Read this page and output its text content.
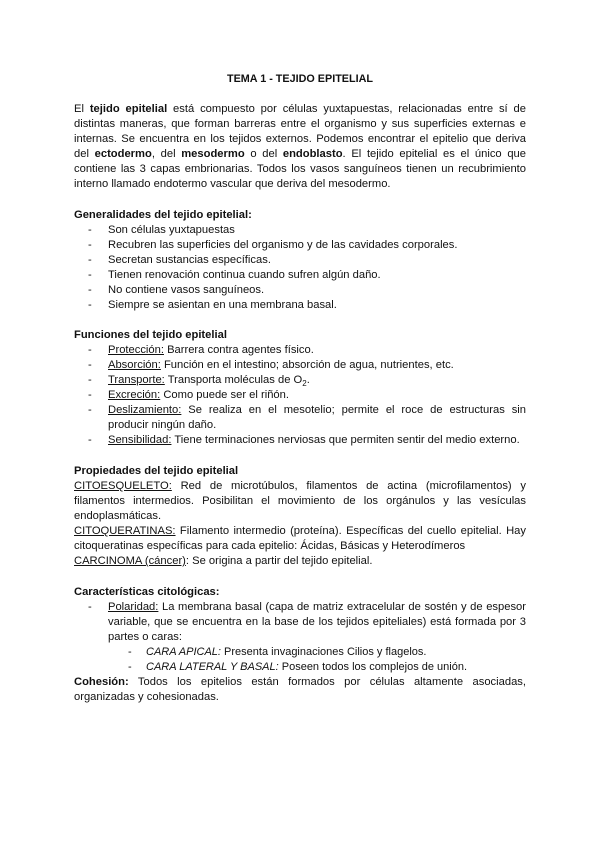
TEMA 1 - TEJIDO EPITELIAL
El tejido epitelial está compuesto por células yuxtapuestas, relacionadas entre sí de distintas maneras, que forman barreras entre el organismo y sus superficies externas e internas. Se encuentra en los tejidos externos. Podemos encontrar el epitelio que deriva del ectodermo, del mesodermo o del endoblasto. El tejido epitelial es el único que contiene las 3 capas embrionarias. Todos los vasos sanguíneos tienen un recubrimiento interno llamado endotermo vascular que deriva del mesodermo.
Generalidades del tejido epitelial:
- Son células yuxtapuestas
- Recubren las superficies del organismo y de las cavidades corporales.
- Secretan sustancias específicas.
- Tienen renovación continua cuando sufren algún daño.
- No contiene vasos sanguíneos.
- Siempre se asientan en una membrana basal.
Funciones del tejido epitelial
- Protección: Barrera contra agentes físico.
- Absorción: Función en el intestino; absorción de agua, nutrientes, etc.
- Transporte: Transporta moléculas de $O_2$.
- Excreción: Como puede ser el riñón.
- Deslizamiento: Se realiza en el mesotelio; permite el roce de estructuras sin producir ningún daño.
- Sensibilidad: Tiene terminaciones nerviosas que permiten sentir del medio externo.
Propiedades del tejido epitelial
CITOESQUELETO: Red de microtúbulos, filamentos de actina (microfilamentos) y filamentos intermedios. Posibilitan el movimiento de los orgánulos y las vesículas endoplasmáticas.
CITOQUERATINAS: Filamento intermedio (proteína). Específicas del cuello epitelial. Hay citoqueratinas específicas para cada epitelio: Ácidas, Básicas y Heterodímeros
CARCINOMA (cáncer): Se origina a partir del tejido epitelial.
Características citológicas:
- Polaridad: La membrana basal (capa de matriz extracelular de sostén y de espesor variable, que se encuentra en la base de los tejidos epiteliales) está formada por 3 partes o caras:
- CARA APICAL: Presenta invaginaciones Cilios y flagelos.
- CARA LATERAL Y BASAL: Poseen todos los complejos de unión.
Cohesión: Todos los epitelios están formados por células altamente asociadas, organizadas y cohesionadas.
